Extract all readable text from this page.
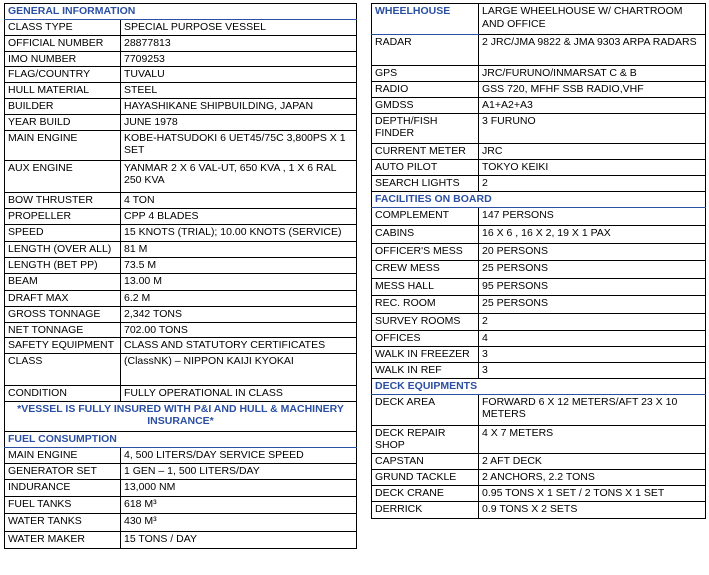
GENERAL INFORMATION	
CLASS TYPE	SPECIAL PURPOSE VESSEL
OFFICIAL NUMBER	28877813
IMO NUMBER	7709253
FLAG/COUNTRY	TUVALU
HULL MATERIAL	STEEL
BUILDER	HAYASHIKANE SHIPBUILDING, JAPAN
YEAR BUILD	JUNE 1978
MAIN ENGINE	KOBE-HATSUDOKI 6 UET45/75C 3,800PS X 1 SET
AUX ENGINE	YANMAR 2 X 6 VAL-UT, 650 KVA , 1 X 6 RAL 250 KVA
BOW THRUSTER	4 TON
PROPELLER	CPP 4 BLADES
SPEED	15 KNOTS (TRIAL); 10.00 KNOTS (SERVICE)
LENGTH (OVER ALL)	81 M
LENGTH (BET PP)	73.5 M
BEAM	13.00 M
DRAFT MAX	6.2 M
GROSS TONNAGE	2,342 TONS
NET TONNAGE	702.00 TONS
SAFETY EQUIPMENT	CLASS AND STATUTORY CERTIFICATES
CLASS	(ClassNK) – NIPPON KAIJI KYOKAI
CONDITION	FULLY OPERATIONAL IN CLASS
*VESSEL IS FULLY INSURED WITH P&I AND HULL & MACHINERY INSURANCE*	
FUEL CONSUMPTION	
MAIN ENGINE	4, 500 LITERS/DAY SERVICE SPEED
GENERATOR SET	1 GEN – 1, 500 LITERS/DAY
INDURANCE	13,000 NM
FUEL TANKS	618 M³
WATER TANKS	430 M³
WATER MAKER	15 TONS / DAY
WHEELHOUSE	LARGE WHEELHOUSE W/ CHARTROOM AND OFFICE
RADAR	2 JRC/JMA 9822 & JMA 9303 ARPA RADARS
GPS	JRC/FURUNO/INMARSAT C & B
RADIO	GSS 720, MFHF SSB RADIO,VHF
GMDSS	A1+A2+A3
DEPTH/FISH FINDER	3 FURUNO
CURRENT METER	JRC
AUTO PILOT	TOKYO KEIKI
SEARCH LIGHTS	2
FACILITIES ON BOARD	
COMPLEMENT	147 PERSONS
CABINS	16 X 6 , 16 X 2, 19 X 1 PAX
OFFICER'S MESS	20 PERSONS
CREW MESS	25 PERSONS
MESS HALL	95 PERSONS
REC. ROOM	25 PERSONS
SURVEY ROOMS	2
OFFICES	4
WALK IN FREEZER	3
WALK IN REF	3
DECK EQUIPMENTS	
DECK AREA	FORWARD 6 X 12 METERS/AFT 23 X 10 METERS
DECK REPAIR SHOP	4 X 7 METERS
CAPSTAN	2 AFT DECK
GRUND TACKLE	2 ANCHORS, 2.2 TONS
DECK CRANE	0.95 TONS X 1 SET / 2 TONS X 1 SET
DERRICK	0.9 TONS X 2 SETS
